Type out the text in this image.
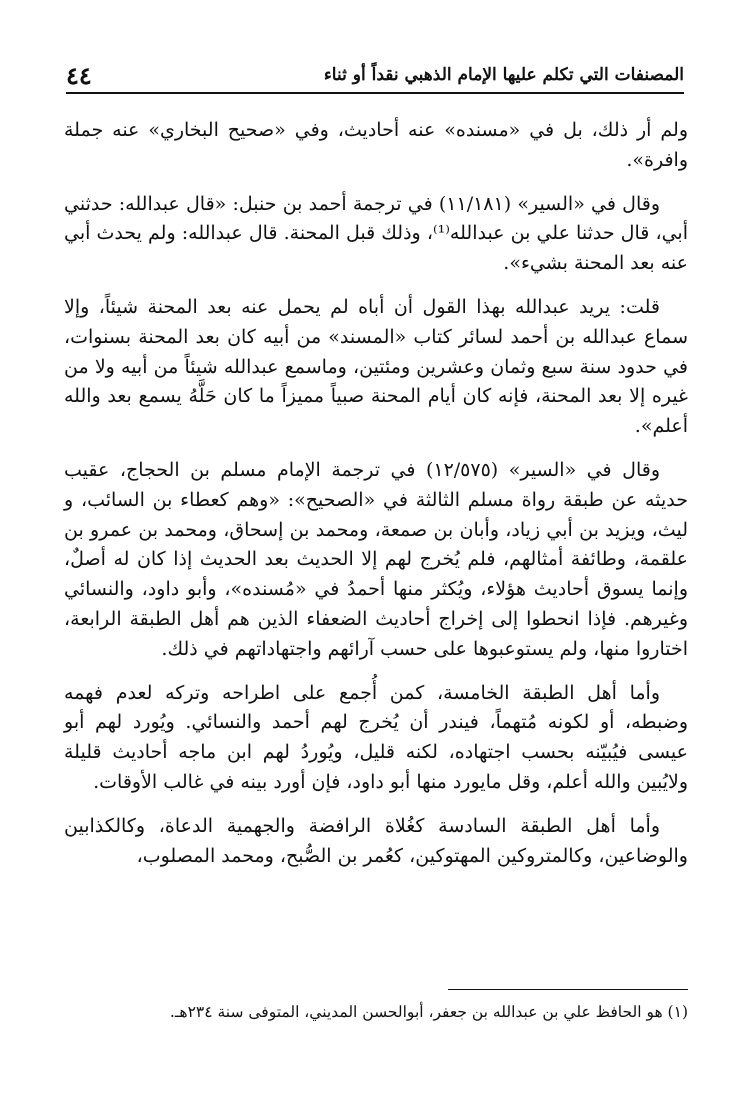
المصنفات التي تكلم عليها الإمام الذهبي نقداً أو ثناء
٤٤

ولم أر ذلك، بل في «مسنده» عنه أحاديث، وفي «صحيح البخاري» عنه جملة وافرة».

وقال في «السير» (١١/١٨١) في ترجمة أحمد بن حنبل: «قال عبدالله: حدثني أبي، قال حدثنا علي بن عبدالله⁽¹⁾، وذلك قبل المحنة. قال عبدالله: ولم يحدث أبي عنه بعد المحنة بشيء».

قلت: يريد عبدالله بهذا القول أن أباه لم يحمل عنه بعد المحنة شيئاً، وإلا سماع عبدالله بن أحمد لسائر كتاب «المسند» من أبيه كان بعد المحنة بسنوات، في حدود سنة سبع وثمان وعشرين ومئتين، وماسمع عبدالله شيئاً من أبيه ولا من غيره إلا بعد المحنة، فإنه كان أيام المحنة صبياً مميزاً ما كان حَلَّهُ يسمع بعد والله أعلم».

وقال في «السير» (١٢/٥٧٥) في ترجمة الإمام مسلم بن الحجاج، عقيب حديثه عن طبقة رواة مسلم الثالثة في «الصحيح»: «وهم كعطاء بن السائب، و ليث، ويزيد بن أبي زياد، وأبان بن صمعة، ومحمد بن إسحاق، ومحمد بن عمرو بن علقمة، وطائفة أمثالهم، فلم يُخرج لهم إلا الحديث بعد الحديث إذا كان له أصلٌ، وإنما يسوق أحاديث هؤلاء، ويُكثر منها أحمدُ في «مُسنده»، وأبو داود، والنسائي وغيرهم. فإذا انحطوا إلى إخراج أحاديث الضعفاء الذين هم أهل الطبقة الرابعة، اختاروا منها، ولم يستوعبوها على حسب آرائهم واجتهاداتهم في ذلك.

وأما أهل الطبقة الخامسة، كمن أُجمع على اطراحه وتركه لعدم فهمه وضبطه، أو لكونه مُتهماً، فيندر أن يُخرج لهم أحمد والنسائي. ويُورد لهم أبو عيسى فيُبيّنه بحسب اجتهاده، لكنه قليل، ويُوردُ لهم ابن ماجه أحاديث قليلة ولايُبين والله أعلم، وقل مايورد منها أبو داود، فإن أورد بينه في غالب الأوقات.

وأما أهل الطبقة السادسة كغُلاة الرافضة والجهمية الدعاة، وكالكذابين والوضاعين، وكالمتروكين المهتوكين، كعُمر بن الصُّبح، ومحمد المصلوب،

(١) هو الحافظ علي بن عبدالله بن جعفر، أبوالحسن المديني، المتوفى سنة ٢٣٤هـ.
